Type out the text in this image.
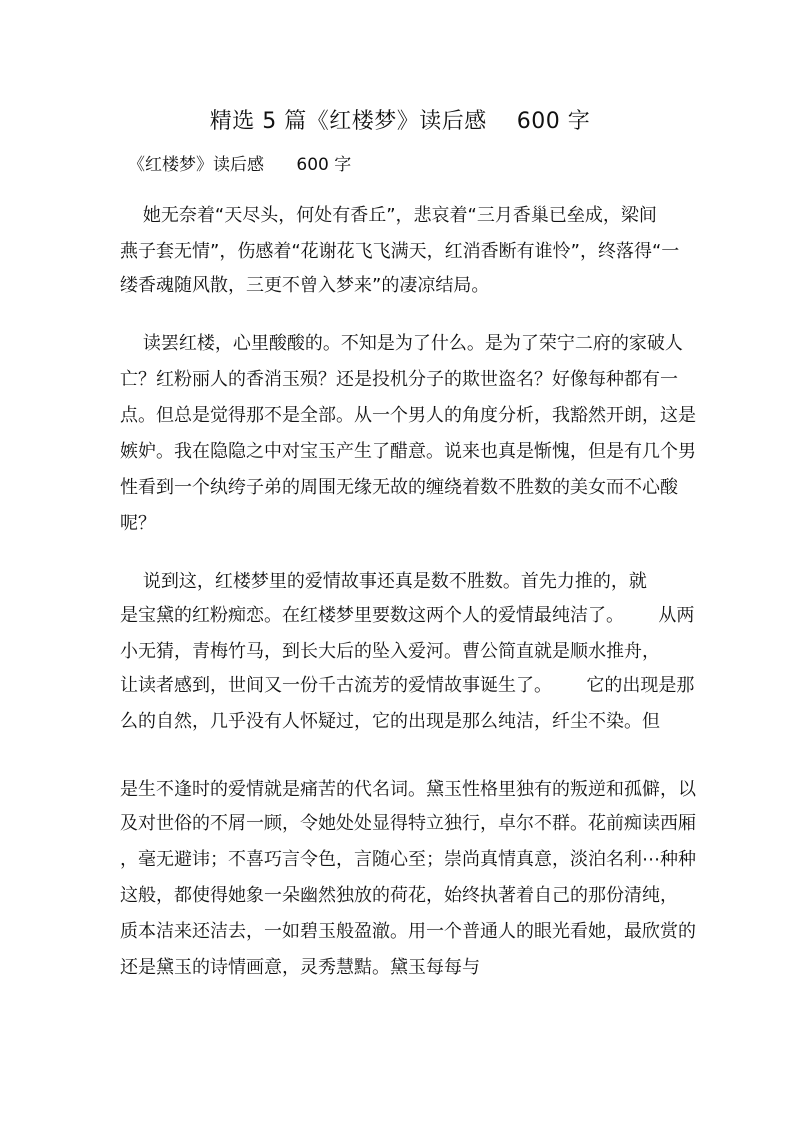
精选 5 篇《红楼梦》读后感    600 字

《红楼梦》读后感      600 字

她无奈着“天尽头，何处有香丘”，悲哀着“三月香巢已垒成，梁间

燕子套无情”，伤感着“花谢花飞飞满天，红消香断有谁怜”，终落得“一

缕香魂随风散，三更不曾入梦来”的凄凉结局。

读罢红楼，心里酸酸的。不知是为了什么。是为了荣宁二府的家破人

亡？红粉丽人的香消玉殒？还是投机分子的欺世盗名？好像每种都有一

点。但总是觉得那不是全部。从一个男人的角度分析，我豁然开朗，这是

嫉妒。我在隐隐之中对宝玉产生了醋意。说来也真是惭愧，但是有几个男

性看到一个纨绔子弟的周围无缘无故的缠绕着数不胜数的美女而不心酸

呢？

说到这，红楼梦里的爱情故事还真是数不胜数。首先力推的，就

是宝黛的红粉痴恋。在红楼梦里要数这两个人的爱情最纯洁了。      从两

小无猜，青梅竹马，到长大后的坠入爱河。曹公简直就是顺水推舟，

让读者感到，世间又一份千古流芳的爱情故事诞生了。      它的出现是那

么的自然，几乎没有人怀疑过，它的出现是那么纯洁，纤尘不染。但

是生不逢时的爱情就是痛苦的代名词。黛玉性格里独有的叛逆和孤僻，以

及对世俗的不屑一顾，令她处处显得特立独行，卓尔不群。花前痴读西厢

，毫无避讳；不喜巧言令色，言随心至；崇尚真情真意，淡泊名利⋯种种

这般，都使得她象一朵幽然独放的荷花，始终执著着自己的那份清纯，

质本洁来还洁去，一如碧玉般盈澈。用一个普通人的眼光看她，最欣赏的

还是黛玉的诗情画意，灵秀慧黠。黛玉每每与
